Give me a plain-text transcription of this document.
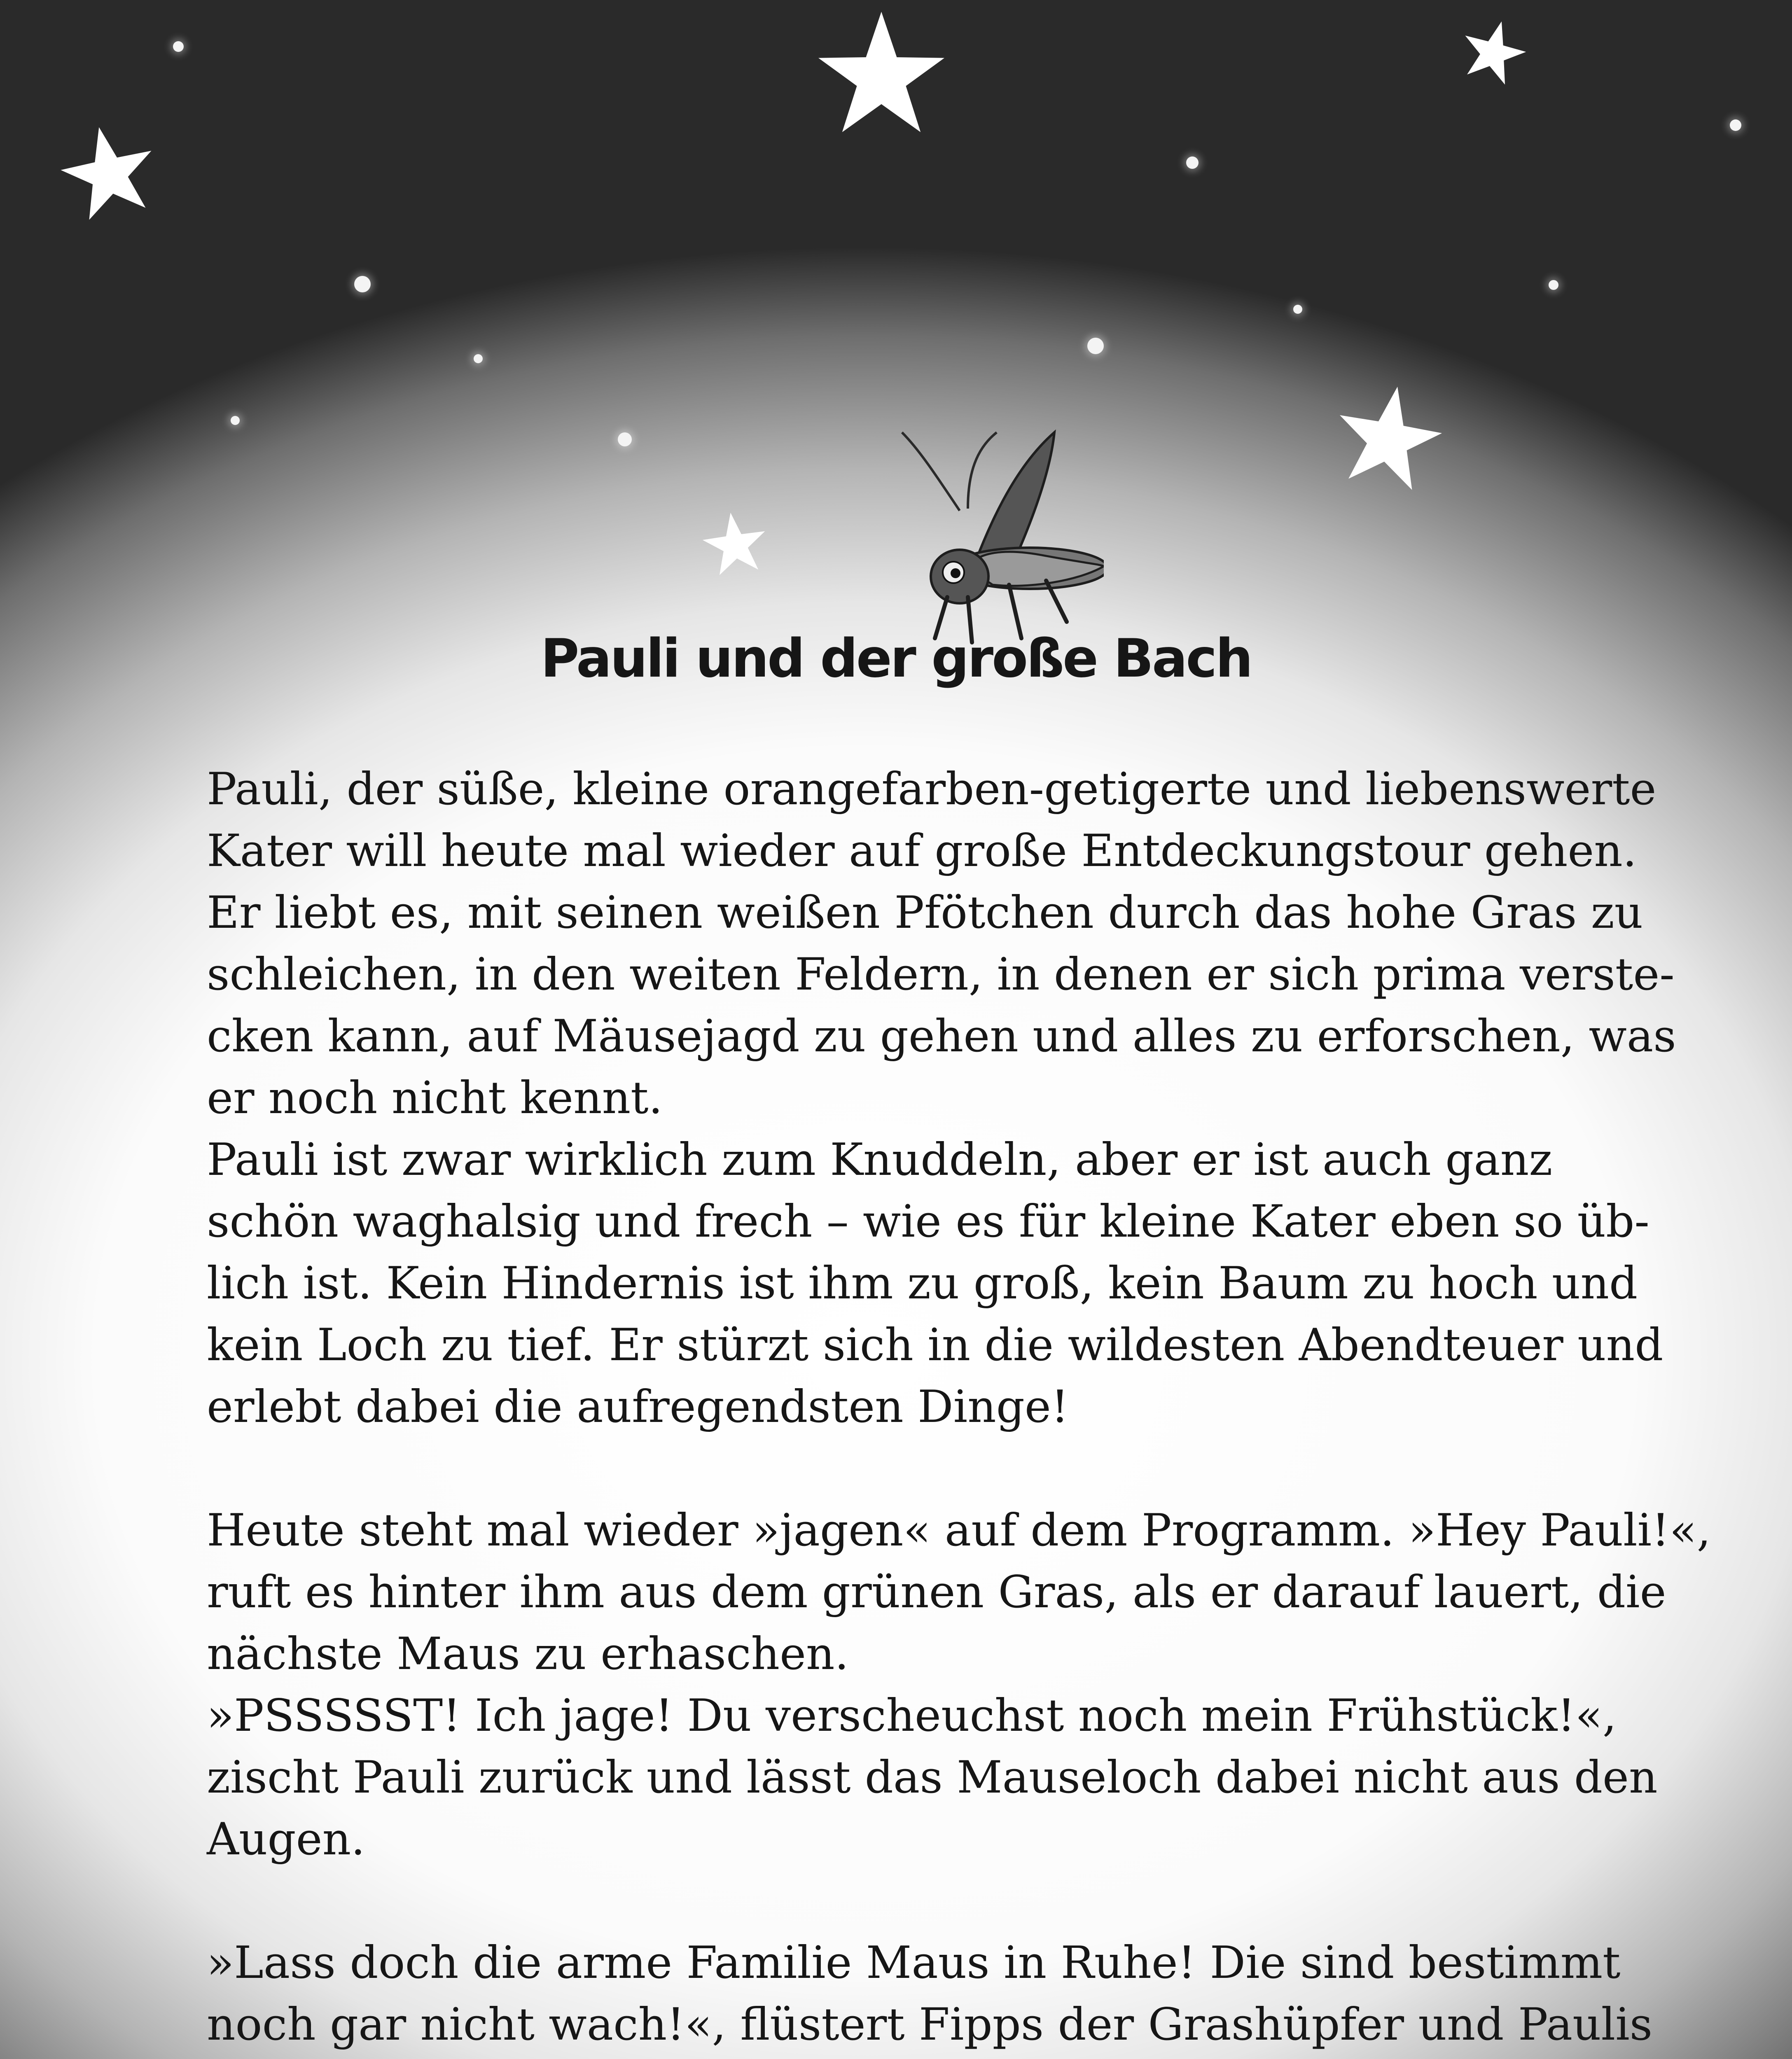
Pauli und der große Bach

Pauli, der süße, kleine orangefarben-getigerte und liebenswerte
Kater will heute mal wieder auf große Entdeckungstour gehen.
Er liebt es, mit seinen weißen Pfötchen durch das hohe Gras zu
schleichen, in den weiten Feldern, in denen er sich prima verste-
cken kann, auf Mäusejagd zu gehen und alles zu erforschen, was
er noch nicht kennt.

Pauli ist zwar wirklich zum Knuddeln, aber er ist auch ganz
schön waghalsig und frech – wie es für kleine Kater eben so üb-
lich ist. Kein Hindernis ist ihm zu groß, kein Baum zu hoch und
kein Loch zu tief. Er stürzt sich in die wildesten Abendteuer und
erlebt dabei die aufregendsten Dinge!

Heute steht mal wieder »jagen« auf dem Programm. »Hey Pauli!«,
ruft es hinter ihm aus dem grünen Gras, als er darauf lauert, die
nächste Maus zu erhaschen.

»PSSSSST! Ich jage! Du verscheuchst noch mein Frühstück!«,
zischt Pauli zurück und lässt das Mauseloch dabei nicht aus den
Augen.

»Lass doch die arme Familie Maus in Ruhe! Die sind bestimmt
noch gar nicht wach!«, flüstert Fipps der Grashüpfer und Paulis
